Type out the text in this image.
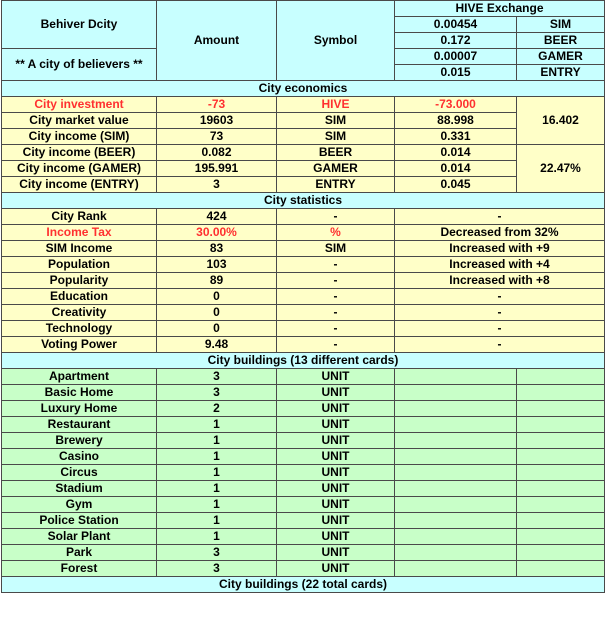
Behiver Dcity	Amount	Symbol	HIVE Exchange	
			0.00454	SIM
			0.172	BEER
** A city of believers **			0.00007	GAMER
			0.015	ENTRY
City economics				
City investment	-73	HIVE	-73.000	16.402
City market value	19603	SIM	88.998	
City income (SIM)	73	SIM	0.331	
City income (BEER)	0.082	BEER	0.014	22.47%
City income (GAMER)	195.991	GAMER	0.014	
City income (ENTRY)	3	ENTRY	0.045	
City statistics				
City Rank	424	-	-	
Income Tax	30.00%	%	Decreased from 32%	
SIM Income	83	SIM	Increased with +9	
Population	103	-	Increased with +4	
Popularity	89	-	Increased with +8	
Education	0	-	-	
Creativity	0	-	-	
Technology	0	-	-	
Voting Power	9.48	-	-	
City buildings (13 different cards)				
Apartment	3	UNIT		
Basic Home	3	UNIT		
Luxury Home	2	UNIT		
Restaurant	1	UNIT		
Brewery	1	UNIT		
Casino	1	UNIT		
Circus	1	UNIT		
Stadium	1	UNIT		
Gym	1	UNIT		
Police Station	1	UNIT		
Solar Plant	1	UNIT		
Park	3	UNIT		
Forest	3	UNIT		
City buildings (22 total cards)				
